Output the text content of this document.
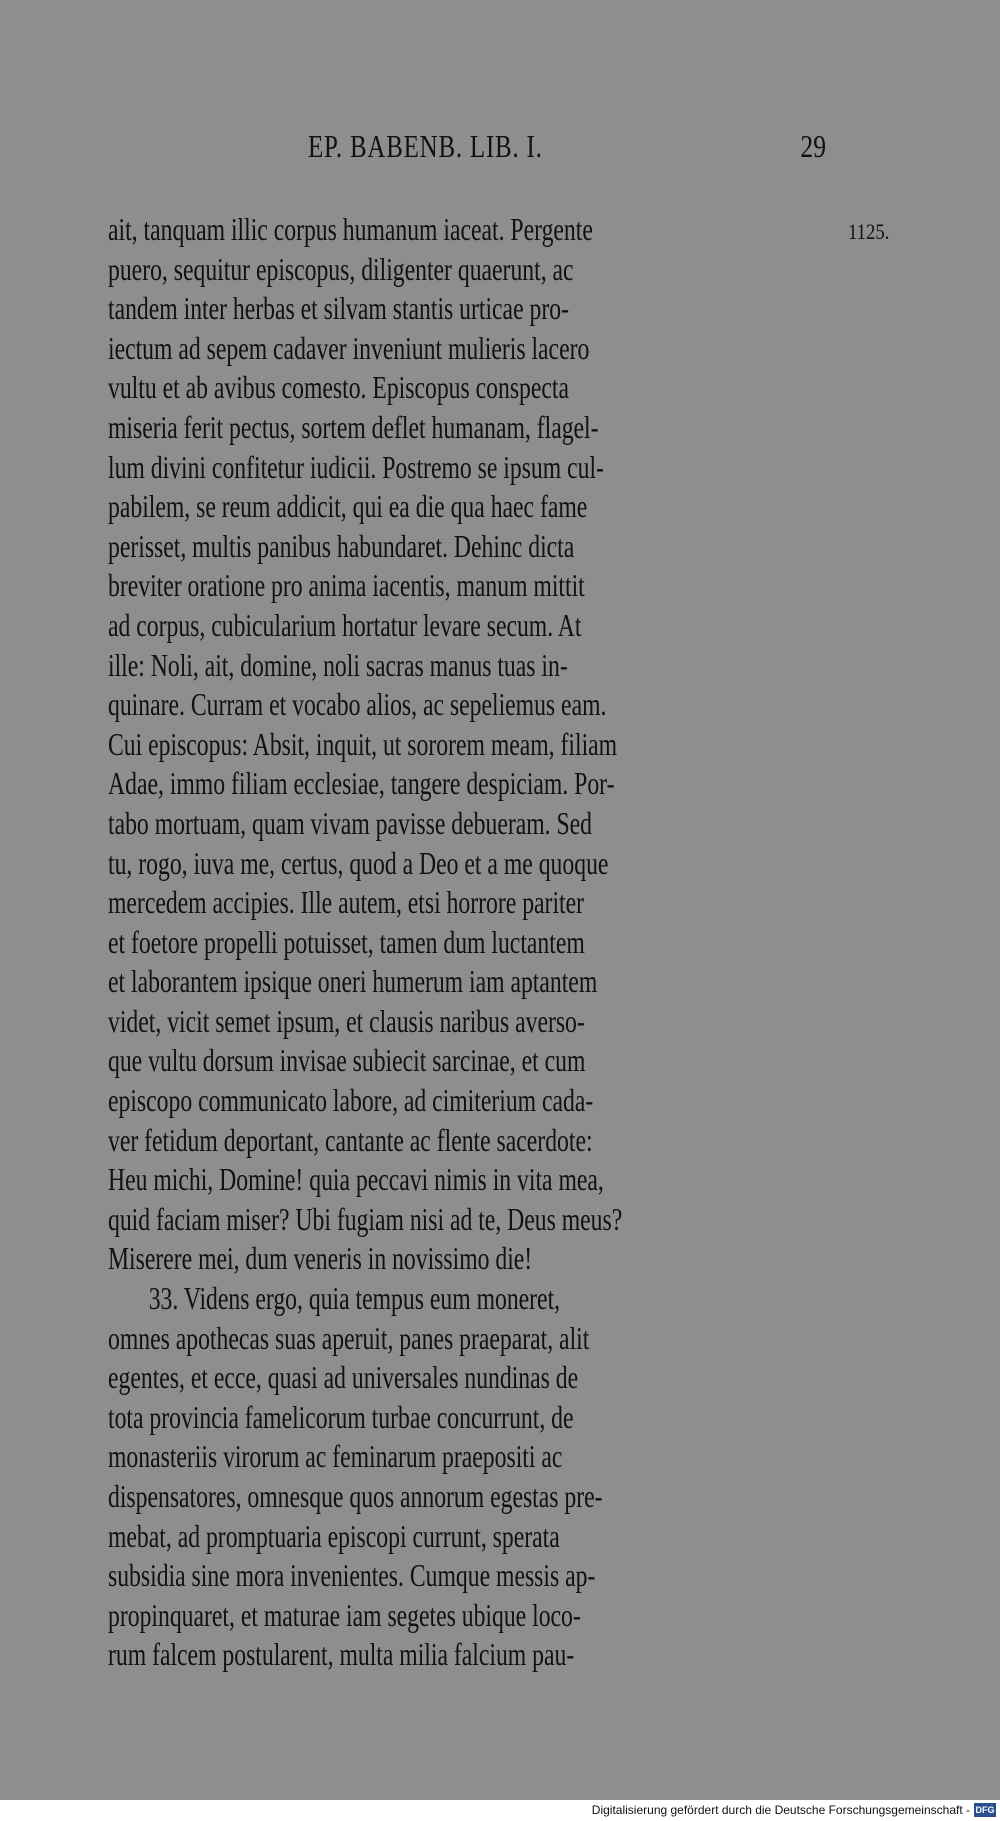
EP. BABENB. LIB. I.	29
1125.
ait, tanquam illic corpus humanum iaceat. Pergente
puero, sequitur episcopus, diligenter quaerunt, ac
tandem inter herbas et silvam stantis urticae pro-
iectum ad sepem cadaver inveniunt mulieris lacero
vultu et ab avibus comesto. Episcopus conspecta
miseria ferit pectus, sortem deflet humanam, flagel-
lum divini confitetur iudicii. Postremo se ipsum cul-
pabilem, se reum addicit, qui ea die qua haec fame
perisset, multis panibus habundaret. Dehinc dicta
breviter oratione pro anima iacentis, manum mittit
ad corpus, cubicularium hortatur levare secum. At
ille: Noli, ait, domine, noli sacras manus tuas in-
quinare. Curram et vocabo alios, ac sepeliemus eam.
Cui episcopus: Absit, inquit, ut sororem meam, filiam
Adae, immo filiam ecclesiae, tangere despiciam. Por-
tabo mortuam, quam vivam pavisse debueram. Sed
tu, rogo, iuva me, certus, quod a Deo et a me quoque
mercedem accipies. Ille autem, etsi horrore pariter
et foetore propelli potuisset, tamen dum luctantem
et laborantem ipsique oneri humerum iam aptantem
videt, vicit semet ipsum, et clausis naribus averso-
que vultu dorsum invisae subiecit sarcinae, et cum
episcopo communicato labore, ad cimiterium cada-
ver fetidum deportant, cantante ac flente sacerdote:
Heu michi, Domine! quia peccavi nimis in vita mea,
quid faciam miser? Ubi fugiam nisi ad te, Deus meus?
Miserere mei, dum veneris in novissimo die!
33. Videns ergo, quia tempus eum moneret,
omnes apothecas suas aperuit, panes praeparat, alit
egentes, et ecce, quasi ad universales nundinas de
tota provincia famelicorum turbae concurrunt, de
monasteriis virorum ac feminarum praepositi ac
dispensatores, omnesque quos annorum egestas pre-
mebat, ad promptuaria episcopi currunt, sperata
subsidia sine mora invenientes. Cumque messis ap-
propinquaret, et maturae iam segetes ubique loco-
rum falcem postularent, multa milia falcium pau-
Digitalisierung gefördert durch die Deutsche Forschungsgemeinschaft - DFG
